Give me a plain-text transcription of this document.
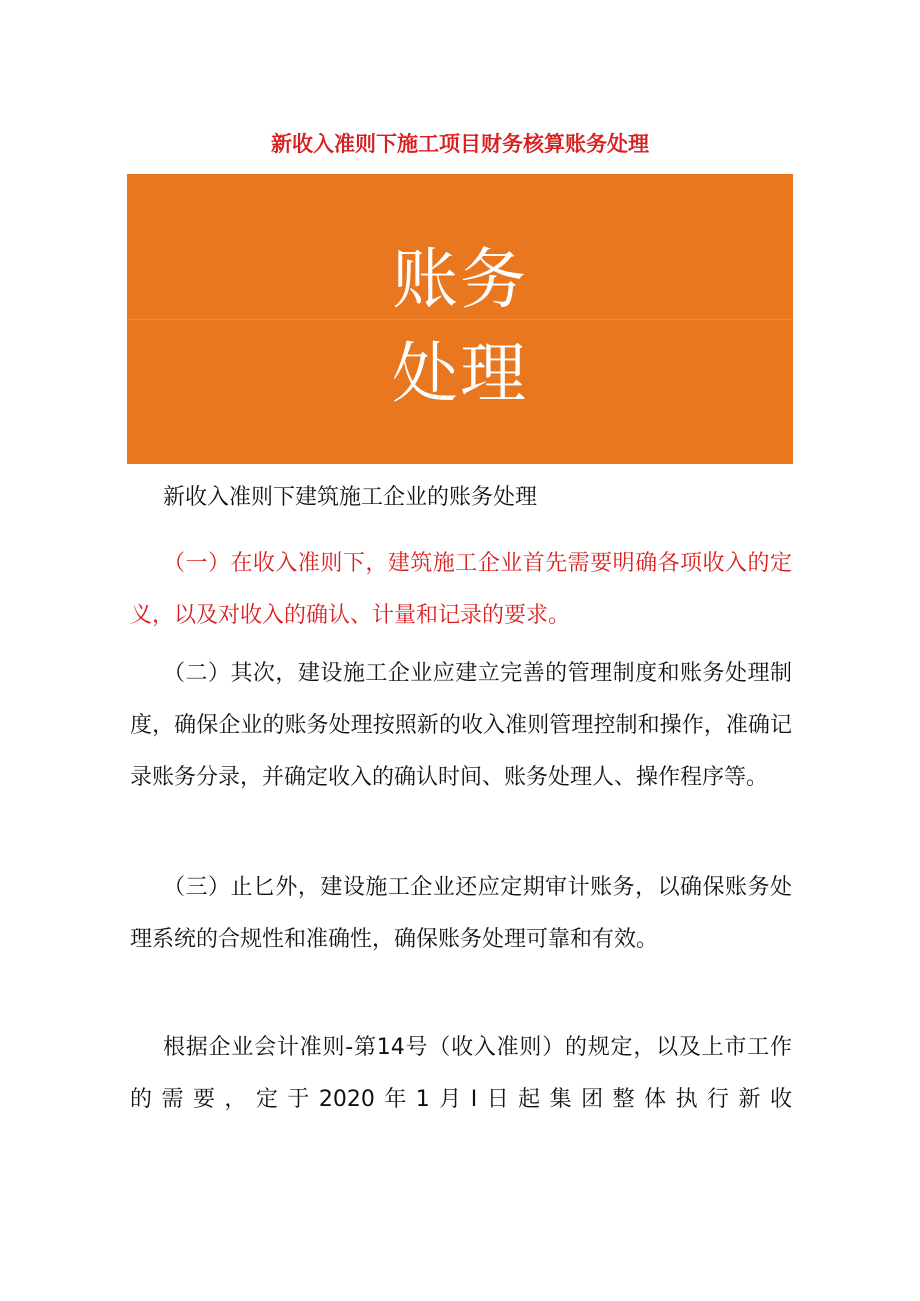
新收入准则下施工项目财务核算账务处理
账务
处理

新收入准则下建筑施工企业的账务处理

（一）在收入准则下，建筑施工企业首先需要明确各项收入的定义，以及对收入的确认、计量和记录的要求。

（二）其次，建设施工企业应建立完善的管理制度和账务处理制度，确保企业的账务处理按照新的收入准则管理控制和操作，准确记录账务分录，并确定收入的确认时间、账务处理人、操作程序等。

（三）止匕外，建设施工企业还应定期审计账务，以确保账务处理系统的合规性和准确性，确保账务处理可靠和有效。

根据企业会计准则-第14号（收入准则）的规定，以及上市工作的需要，定于2020年1月I日起集团整体执行新收
